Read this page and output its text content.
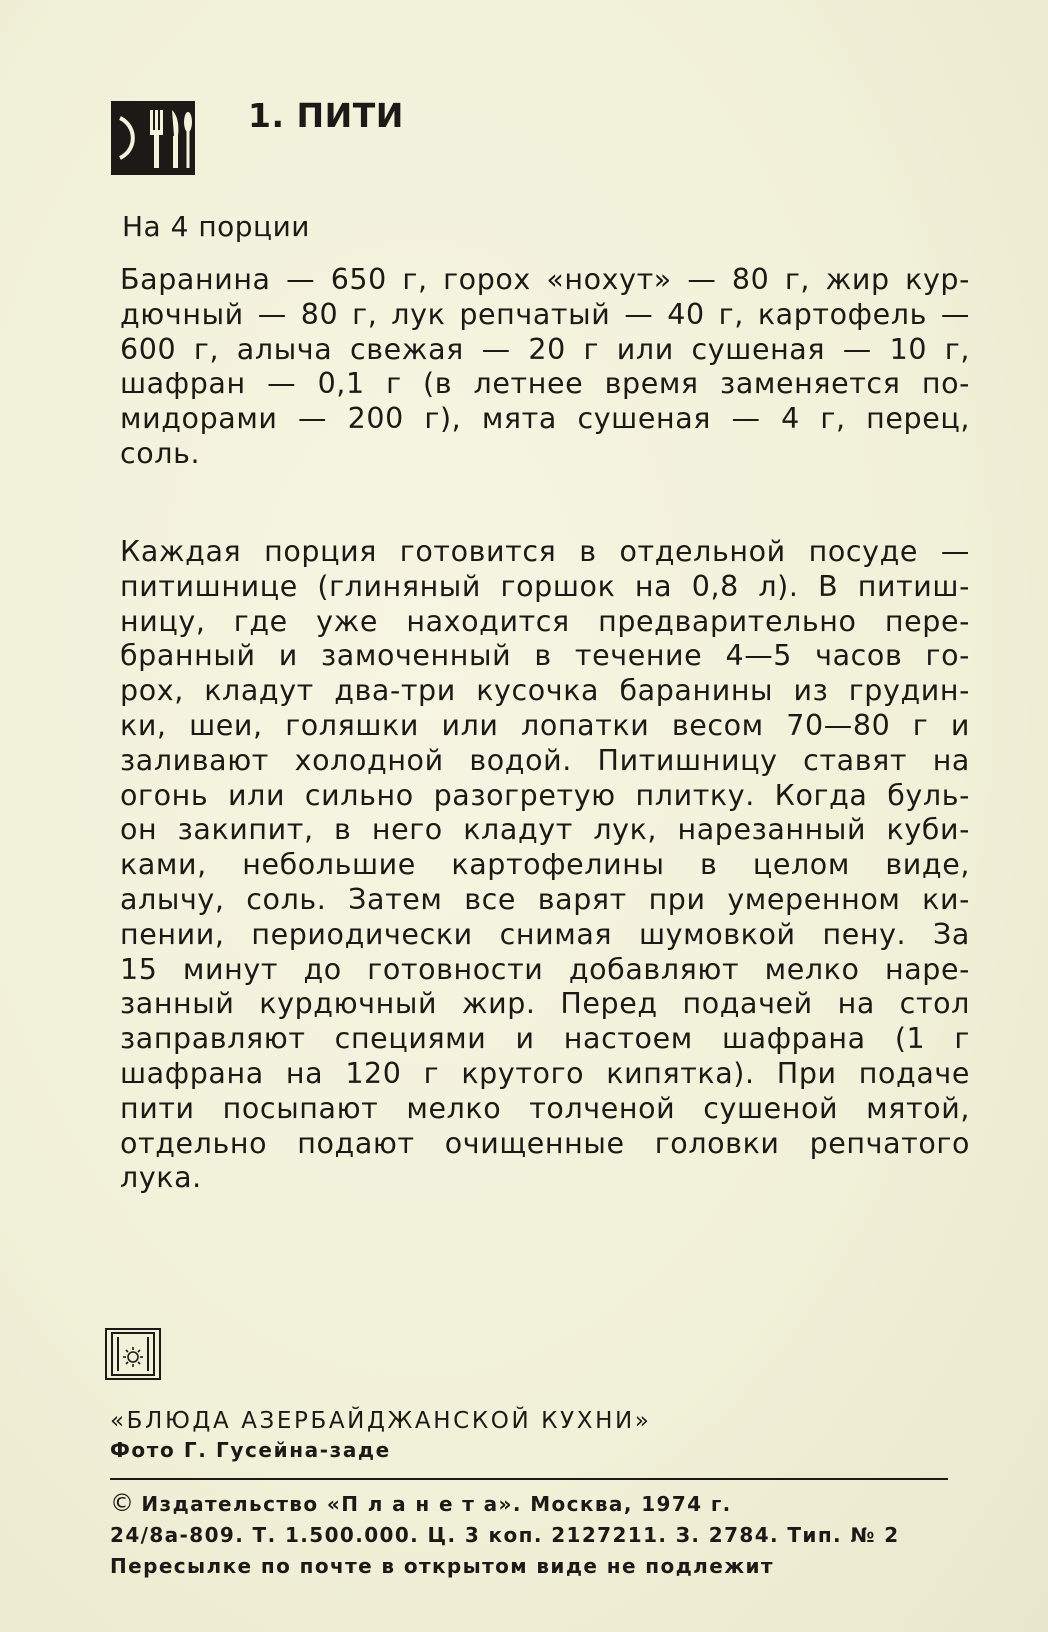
1. ПИТИ

На 4 порции

Баранина — 650 г, горох «нохут» — 80 г, жир кур-
дючный — 80 г, лук репчатый — 40 г, картофель —
600 г, алыча свежая — 20 г или сушеная — 10 г,
шафран — 0,1 г (в летнее время заменяется по-
мидорами — 200 г), мята сушеная — 4 г, перец,
соль.
Каждая порция готовится в отдельной посуде —
питишнице (глиняный горшок на 0,8 л). В питиш-
ницу, где уже находится предварительно пере-
бранный и замоченный в течение 4—5 часов го-
рох, кладут два-три кусочка баранины из грудин-
ки, шеи, голяшки или лопатки весом 70—80 г и
заливают холодной водой. Питишницу ставят на
огонь или сильно разогретую плитку. Когда буль-
он закипит, в него кладут лук, нарезанный куби-
ками, небольшие картофелины в целом виде,
алычу, соль. Затем все варят при умеренном ки-
пении, периодически снимая шумовкой пену. За
15 минут до готовности добавляют мелко наре-
занный курдючный жир. Перед подачей на стол
заправляют специями и настоем шафрана (1 г
шафрана на 120 г крутого кипятка). При подаче
пити посыпают мелко толченой сушеной мятой,
отдельно подают очищенные головки репчатого
лука.

«БЛЮДА АЗЕРБАЙДЖАНСКОЙ КУХНИ»

Фото Г. Гусейна-заде

© Издательство «П л а н е т а». Москва, 1974 г.
24/8а-809. Т. 1.500.000. Ц. 3 коп. 2127211. З. 2784. Тип. № 2
Пересылке по почте в открытом виде не подлежит
